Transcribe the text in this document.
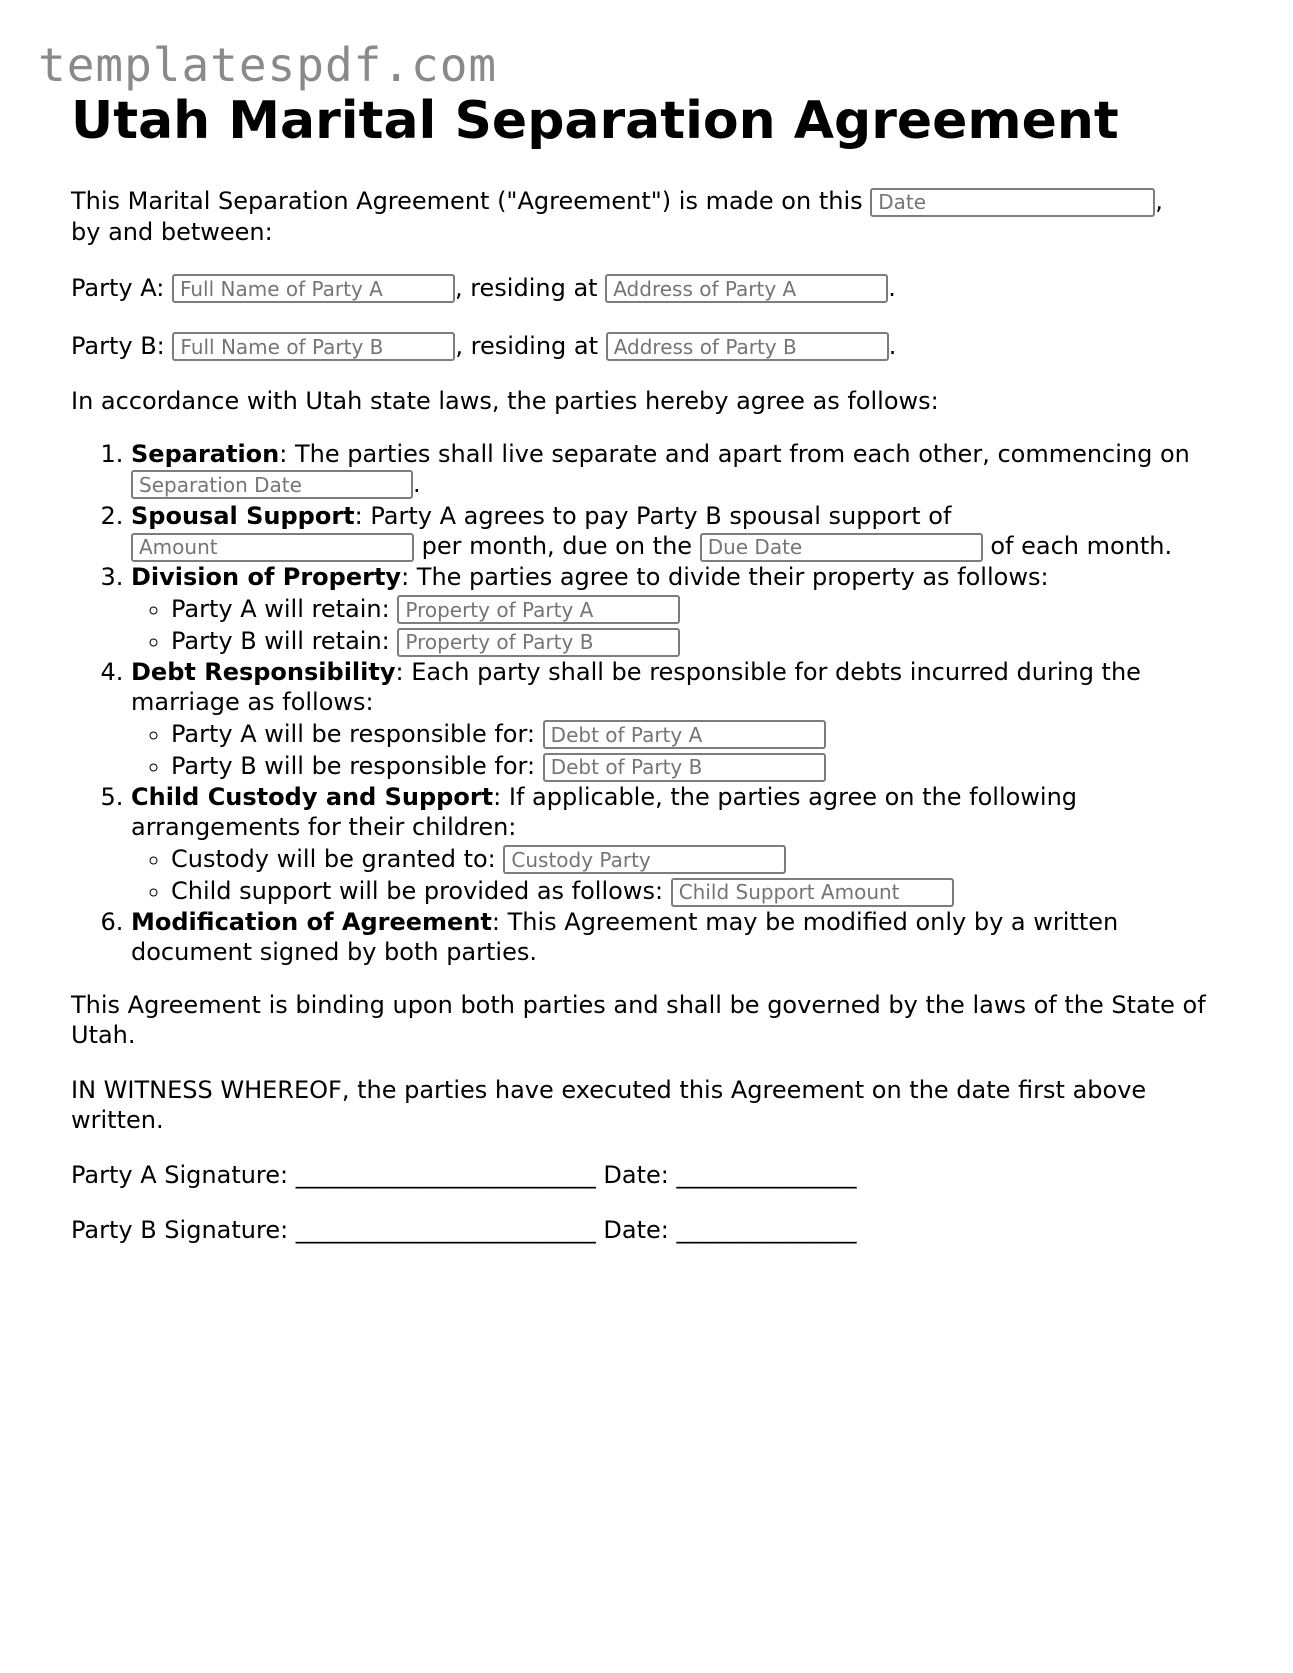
templatespdf.com
Utah Marital Separation Agreement

This Marital Separation Agreement ("Agreement") is made on this Date	,
by and between:

Party A: Full Name of Party A	, residing at Address of Party A	.

Party B: Full Name of Party B	, residing at Address of Party B	.

In accordance with Utah state laws, the parties hereby agree as follows:

1. Separation: The parties shall live separate and apart from each other, commencing on Separation Date.
2. Spousal Support: Party A agrees to pay Party B spousal support of Amount per month, due on the Due Date	of each month.
3. Division of Property: The parties agree to divide their property as follows:
◦ Party A will retain: Property of Party A
◦ Party B will retain: Property of Party B
4. Debt Responsibility: Each party shall be responsible for debts incurred during the marriage as follows:
◦ Party A will be responsible for: Debt of Party A
◦ Party B will be responsible for: Debt of Party B
5. Child Custody and Support: If applicable, the parties agree on the following arrangements for their children:
◦ Custody will be granted to: Custody Party
◦ Child support will be provided as follows: Child Support Amount
6. Modification of Agreement: This Agreement may be modified only by a written document signed by both parties.

This Agreement is binding upon both parties and shall be governed by the laws of the State of Utah.

IN WITNESS WHEREOF, the parties have executed this Agreement on the date first above written.

Party A Signature: _________________________ Date: _______________

Party B Signature: _________________________ Date: _______________
